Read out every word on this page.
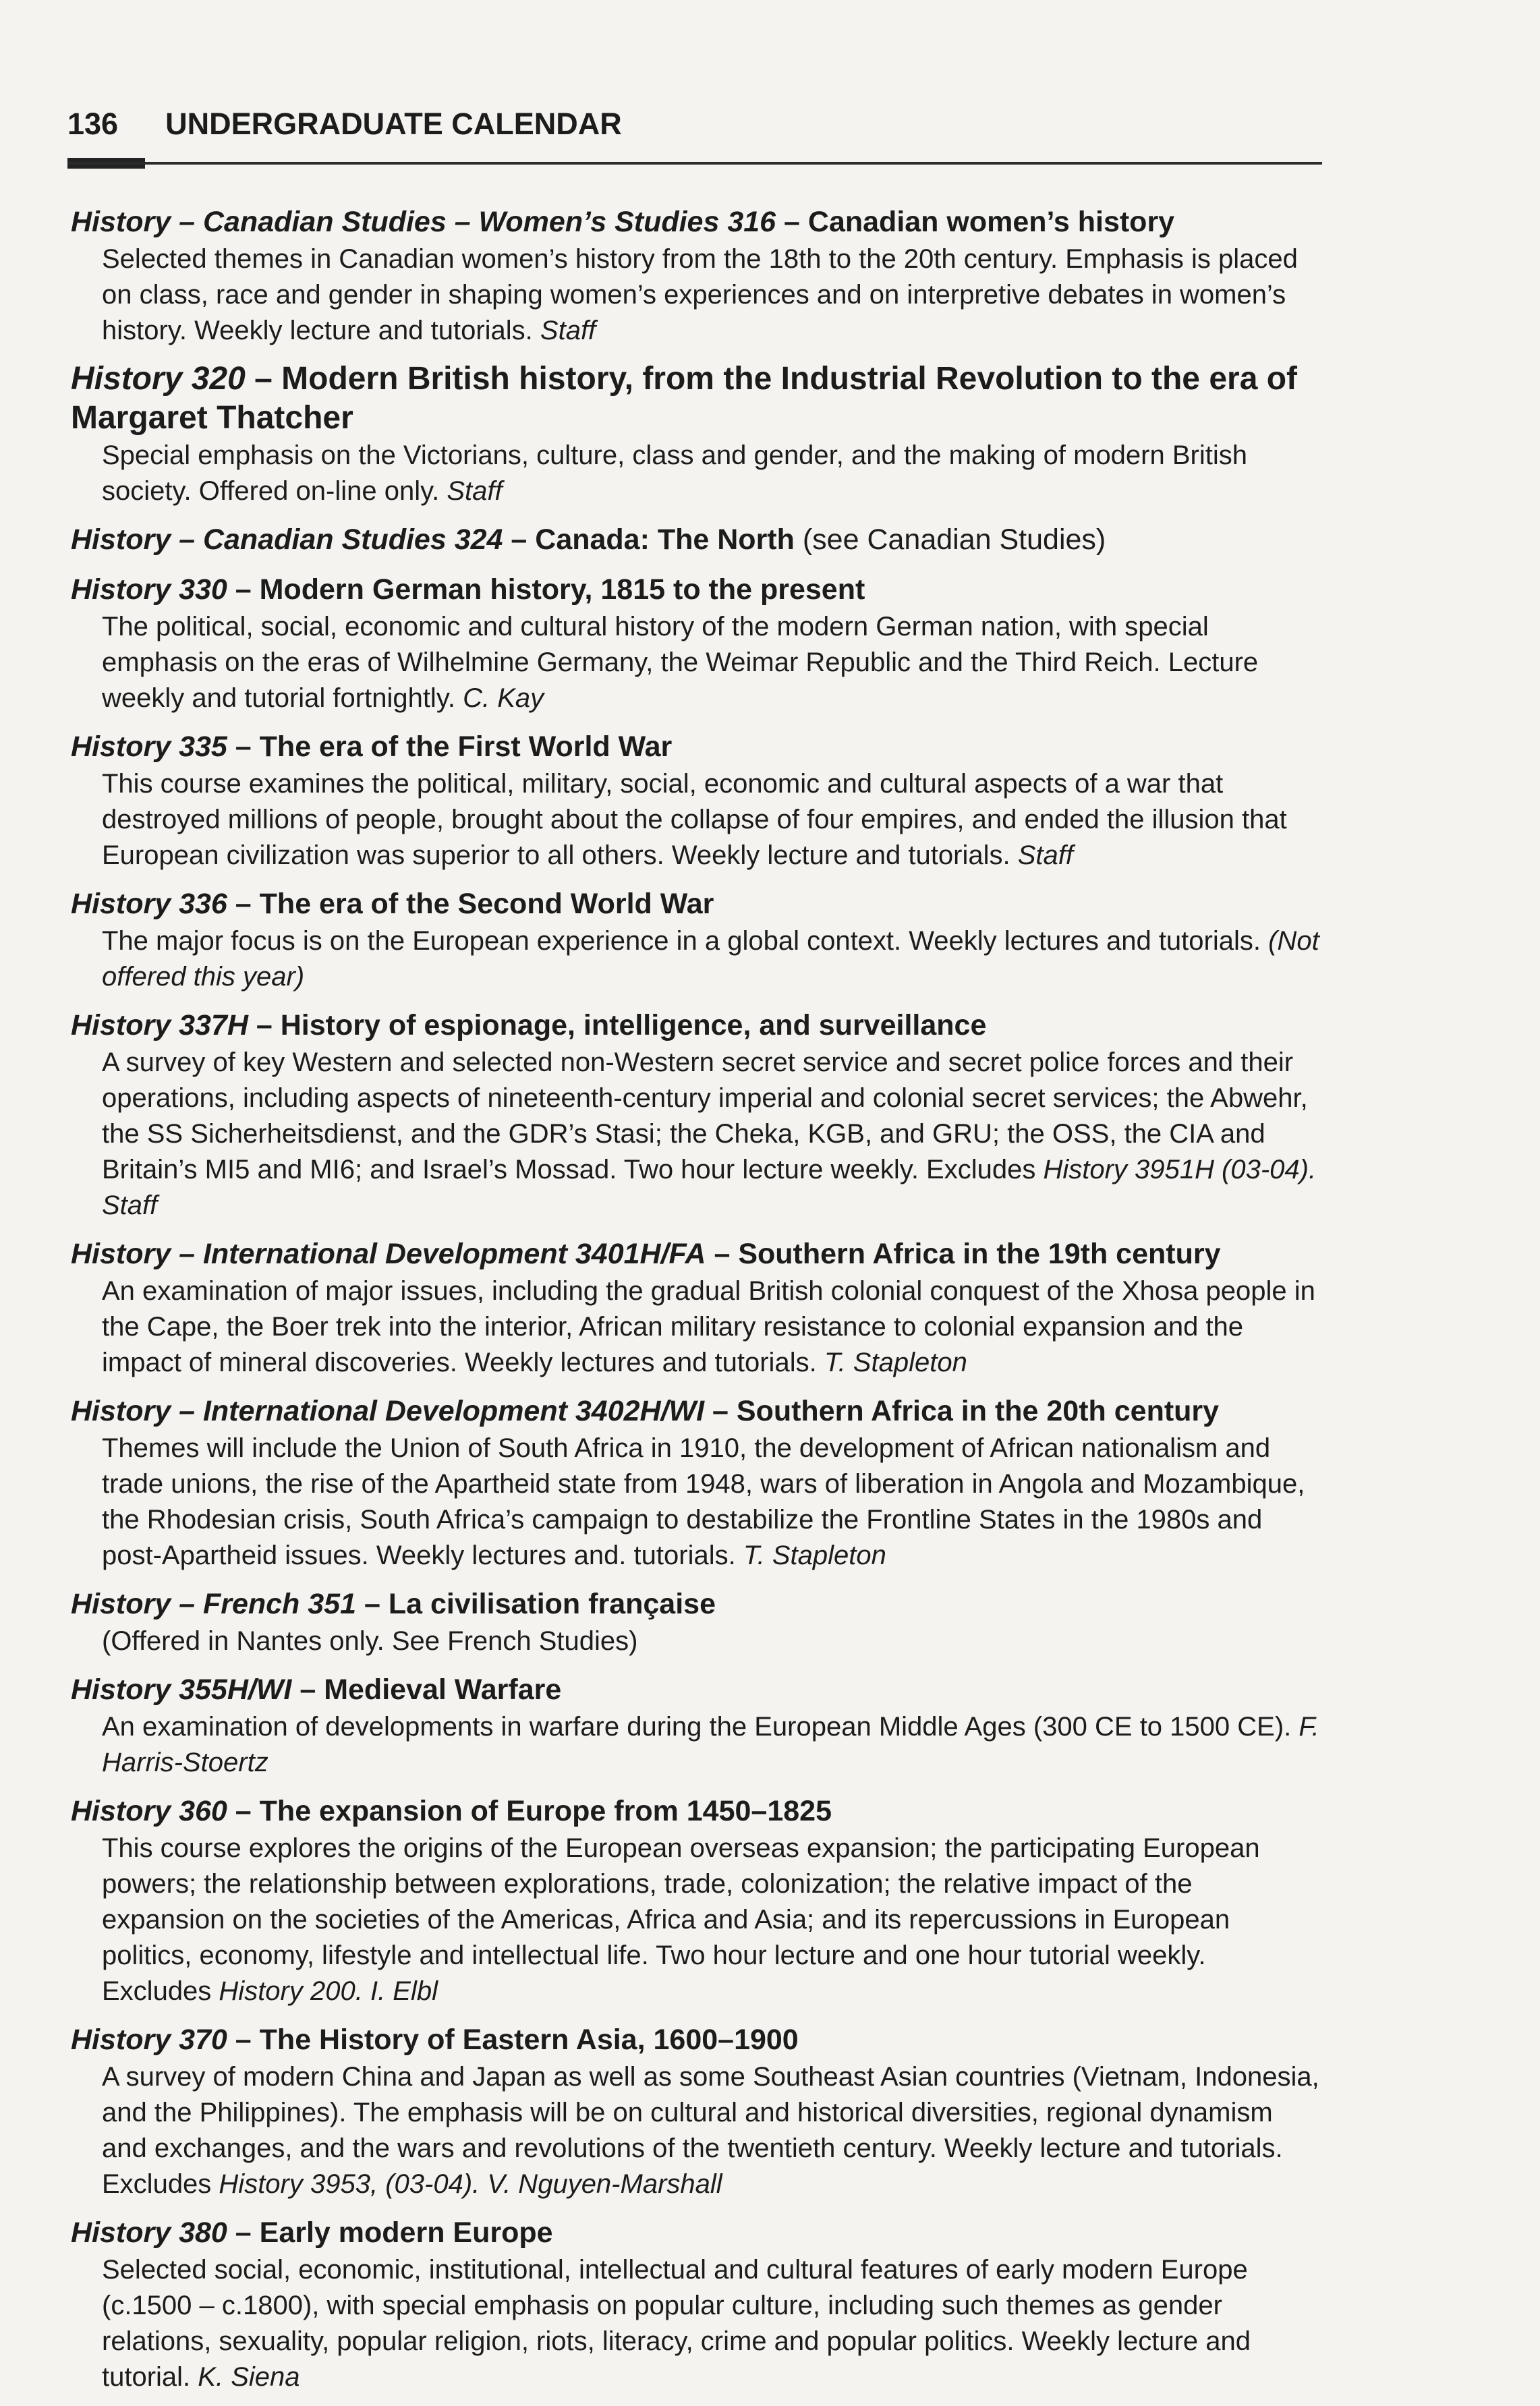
136 UNDERGRADUATE CALENDAR
History – Canadian Studies – Women’s Studies 316 – Canadian women’s history
Selected themes in Canadian women’s history from the 18th to the 20th century. Emphasis is placed on class, race and gender in shaping women’s experiences and on interpretive debates in women’s history. Weekly lecture and tutorials. Staff
History 320 – Modern British history, from the Industrial Revolution to the era of Margaret Thatcher
Special emphasis on the Victorians, culture, class and gender, and the making of modern British society. Offered on-line only. Staff
History – Canadian Studies 324 – Canada: The North (see Canadian Studies)
History 330 – Modern German history, 1815 to the present
The political, social, economic and cultural history of the modern German nation, with special emphasis on the eras of Wilhelmine Germany, the Weimar Republic and the Third Reich. Lecture weekly and tutorial fortnightly. C. Kay
History 335 – The era of the First World War
This course examines the political, military, social, economic and cultural aspects of a war that destroyed millions of people, brought about the collapse of four empires, and ended the illusion that European civilization was superior to all others. Weekly lecture and tutorials. Staff
History 336 – The era of the Second World War
The major focus is on the European experience in a global context. Weekly lectures and tutorials. (Not offered this year)
History 337H – History of espionage, intelligence, and surveillance
A survey of key Western and selected non-Western secret service and secret police forces and their operations, including aspects of nineteenth-century imperial and colonial secret services; the Abwehr, the SS Sicherheitsdienst, and the GDR’s Stasi; the Cheka, KGB, and GRU; the OSS, the CIA and Britain’s MI5 and MI6; and Israel’s Mossad. Two hour lecture weekly. Excludes History 3951H (03-04). Staff
History – International Development 3401H/FA – Southern Africa in the 19th century
An examination of major issues, including the gradual British colonial conquest of the Xhosa people in the Cape, the Boer trek into the interior, African military resistance to colonial expansion and the impact of mineral discoveries. Weekly lectures and tutorials. T. Stapleton
History – International Development 3402H/WI – Southern Africa in the 20th century
Themes will include the Union of South Africa in 1910, the development of African nationalism and trade unions, the rise of the Apartheid state from 1948, wars of liberation in Angola and Mozambique, the Rhodesian crisis, South Africa’s campaign to destabilize the Frontline States in the 1980s and post-Apartheid issues. Weekly lectures and. tutorials. T. Stapleton
History – French 351 – La civilisation française
(Offered in Nantes only. See French Studies)
History 355H/WI – Medieval Warfare
An examination of developments in warfare during the European Middle Ages (300 CE to 1500 CE). F. Harris-Stoertz
History 360 – The expansion of Europe from 1450–1825
This course explores the origins of the European overseas expansion; the participating European powers; the relationship between explorations, trade, colonization; the relative impact of the expansion on the societies of the Americas, Africa and Asia; and its repercussions in European politics, economy, lifestyle and intellectual life. Two hour lecture and one hour tutorial weekly. Excludes History 200. I. Elbl
History 370 – The History of Eastern Asia, 1600–1900
A survey of modern China and Japan as well as some Southeast Asian countries (Vietnam, Indonesia, and the Philippines). The emphasis will be on cultural and historical diversities, regional dynamism and exchanges, and the wars and revolutions of the twentieth century. Weekly lecture and tutorials. Excludes History 3953, (03-04). V. Nguyen-Marshall
History 380 – Early modern Europe
Selected social, economic, institutional, intellectual and cultural features of early modern Europe (c.1500 – c.1800), with special emphasis on popular culture, including such themes as gender relations, sexuality, popular religion, riots, literacy, crime and popular politics. Weekly lecture and tutorial. K. Siena
